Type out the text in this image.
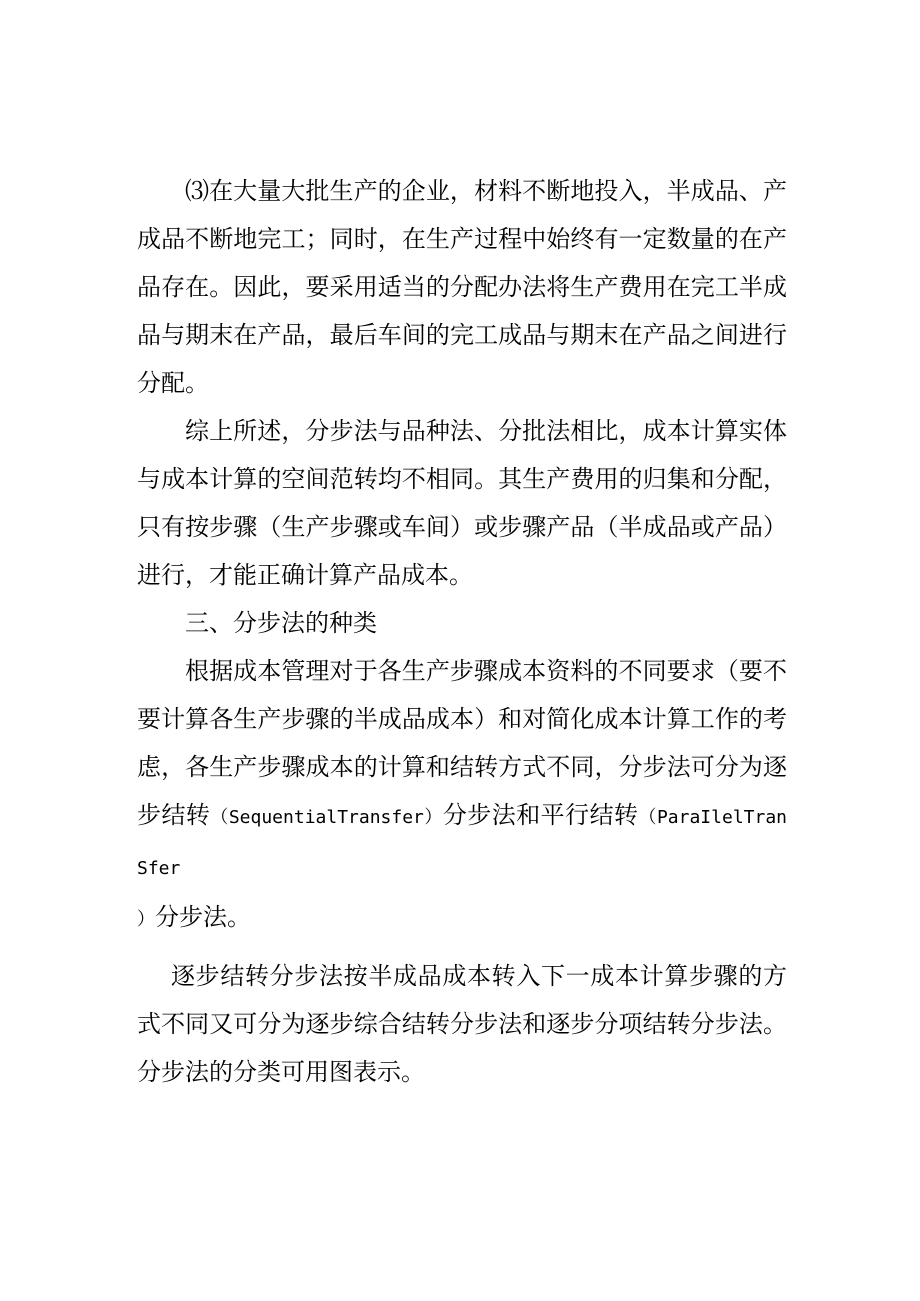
⑶在大量大批生产的企业，材料不断地投入，半成品、产成品不断地完工；同时，在生产过程中始终有一定数量的在产品存在。因此，要采用适当的分配办法将生产费用在完工半成品与期末在产品，最后车间的完工成品与期末在产品之间进行分配。

综上所述，分步法与品种法、分批法相比，成本计算实体与成本计算的空间范转均不相同。其生产费用的归集和分配，只有按步骤（生产步骤或车间）或步骤产品（半成品或产品）进行，才能正确计算产品成本。

三、分步法的种类

根据成本管理对于各生产步骤成本资料的不同要求（要不要计算各生产步骤的半成品成本）和对简化成本计算工作的考虑，各生产步骤成本的计算和结转方式不同，分步法可分为逐步结转（SequentialTransfer）分步法和平行结转（ParaIlelTranSfer
）分步法。

逐步结转分步法按半成品成本转入下一成本计算步骤的方式不同又可分为逐步综合结转分步法和逐步分项结转分步法。分步法的分类可用图表示。
